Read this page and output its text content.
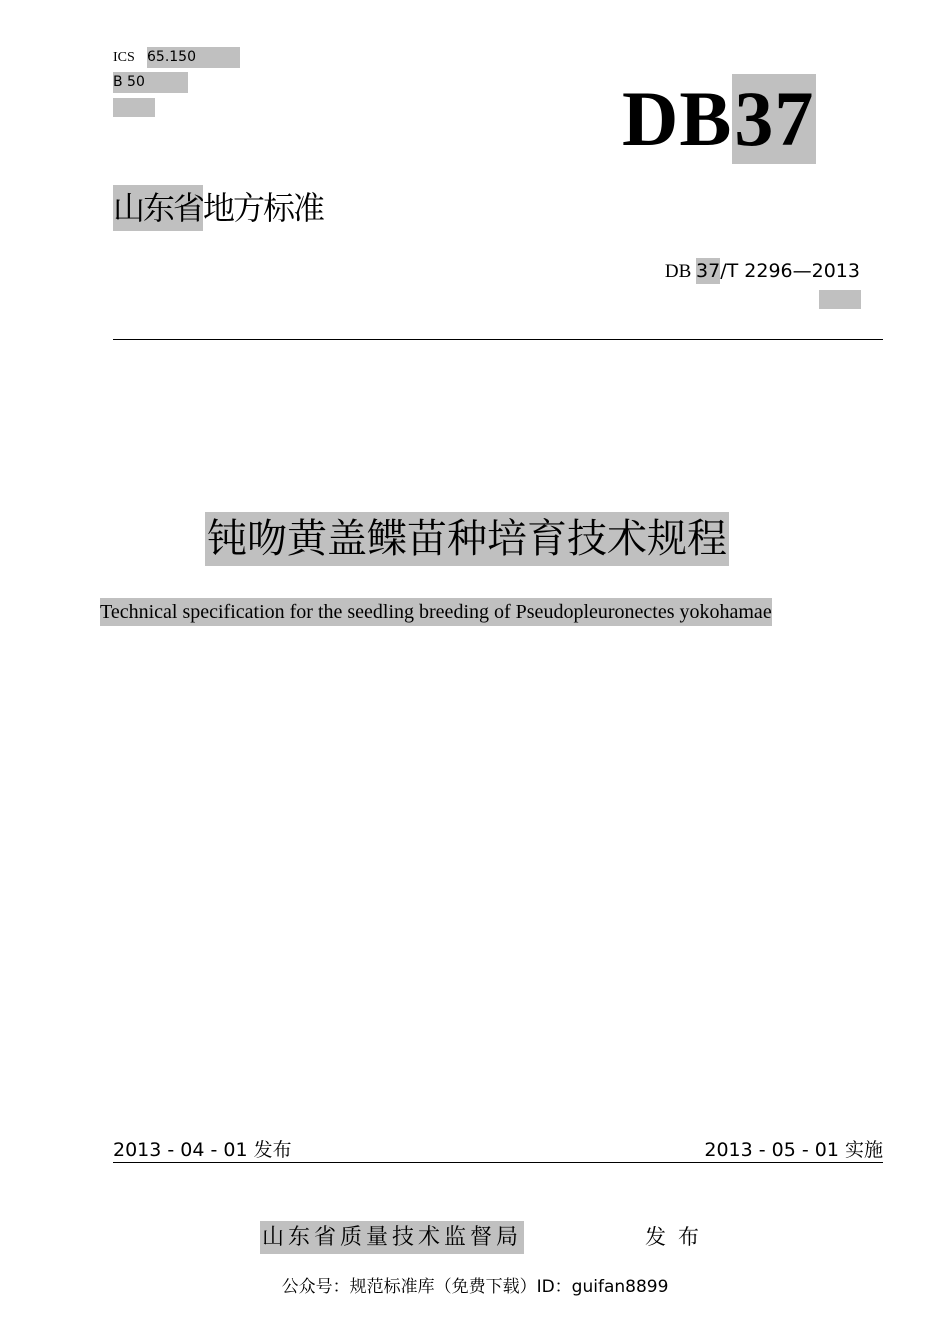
ICS 65.150
B 50	DB37
山东省地方标准
DB 37/T 2296—2013
钝吻黄盖鲽苗种培育技术规程
Technical specification for the seedling breeding of Pseudopleuronectes yokohamae
2013 - 04 - 01 发布	2013 - 05 - 01 实施
山东省质量技术监督局	发布
公众号：规范标准库（免费下载）ID：guifan8899
